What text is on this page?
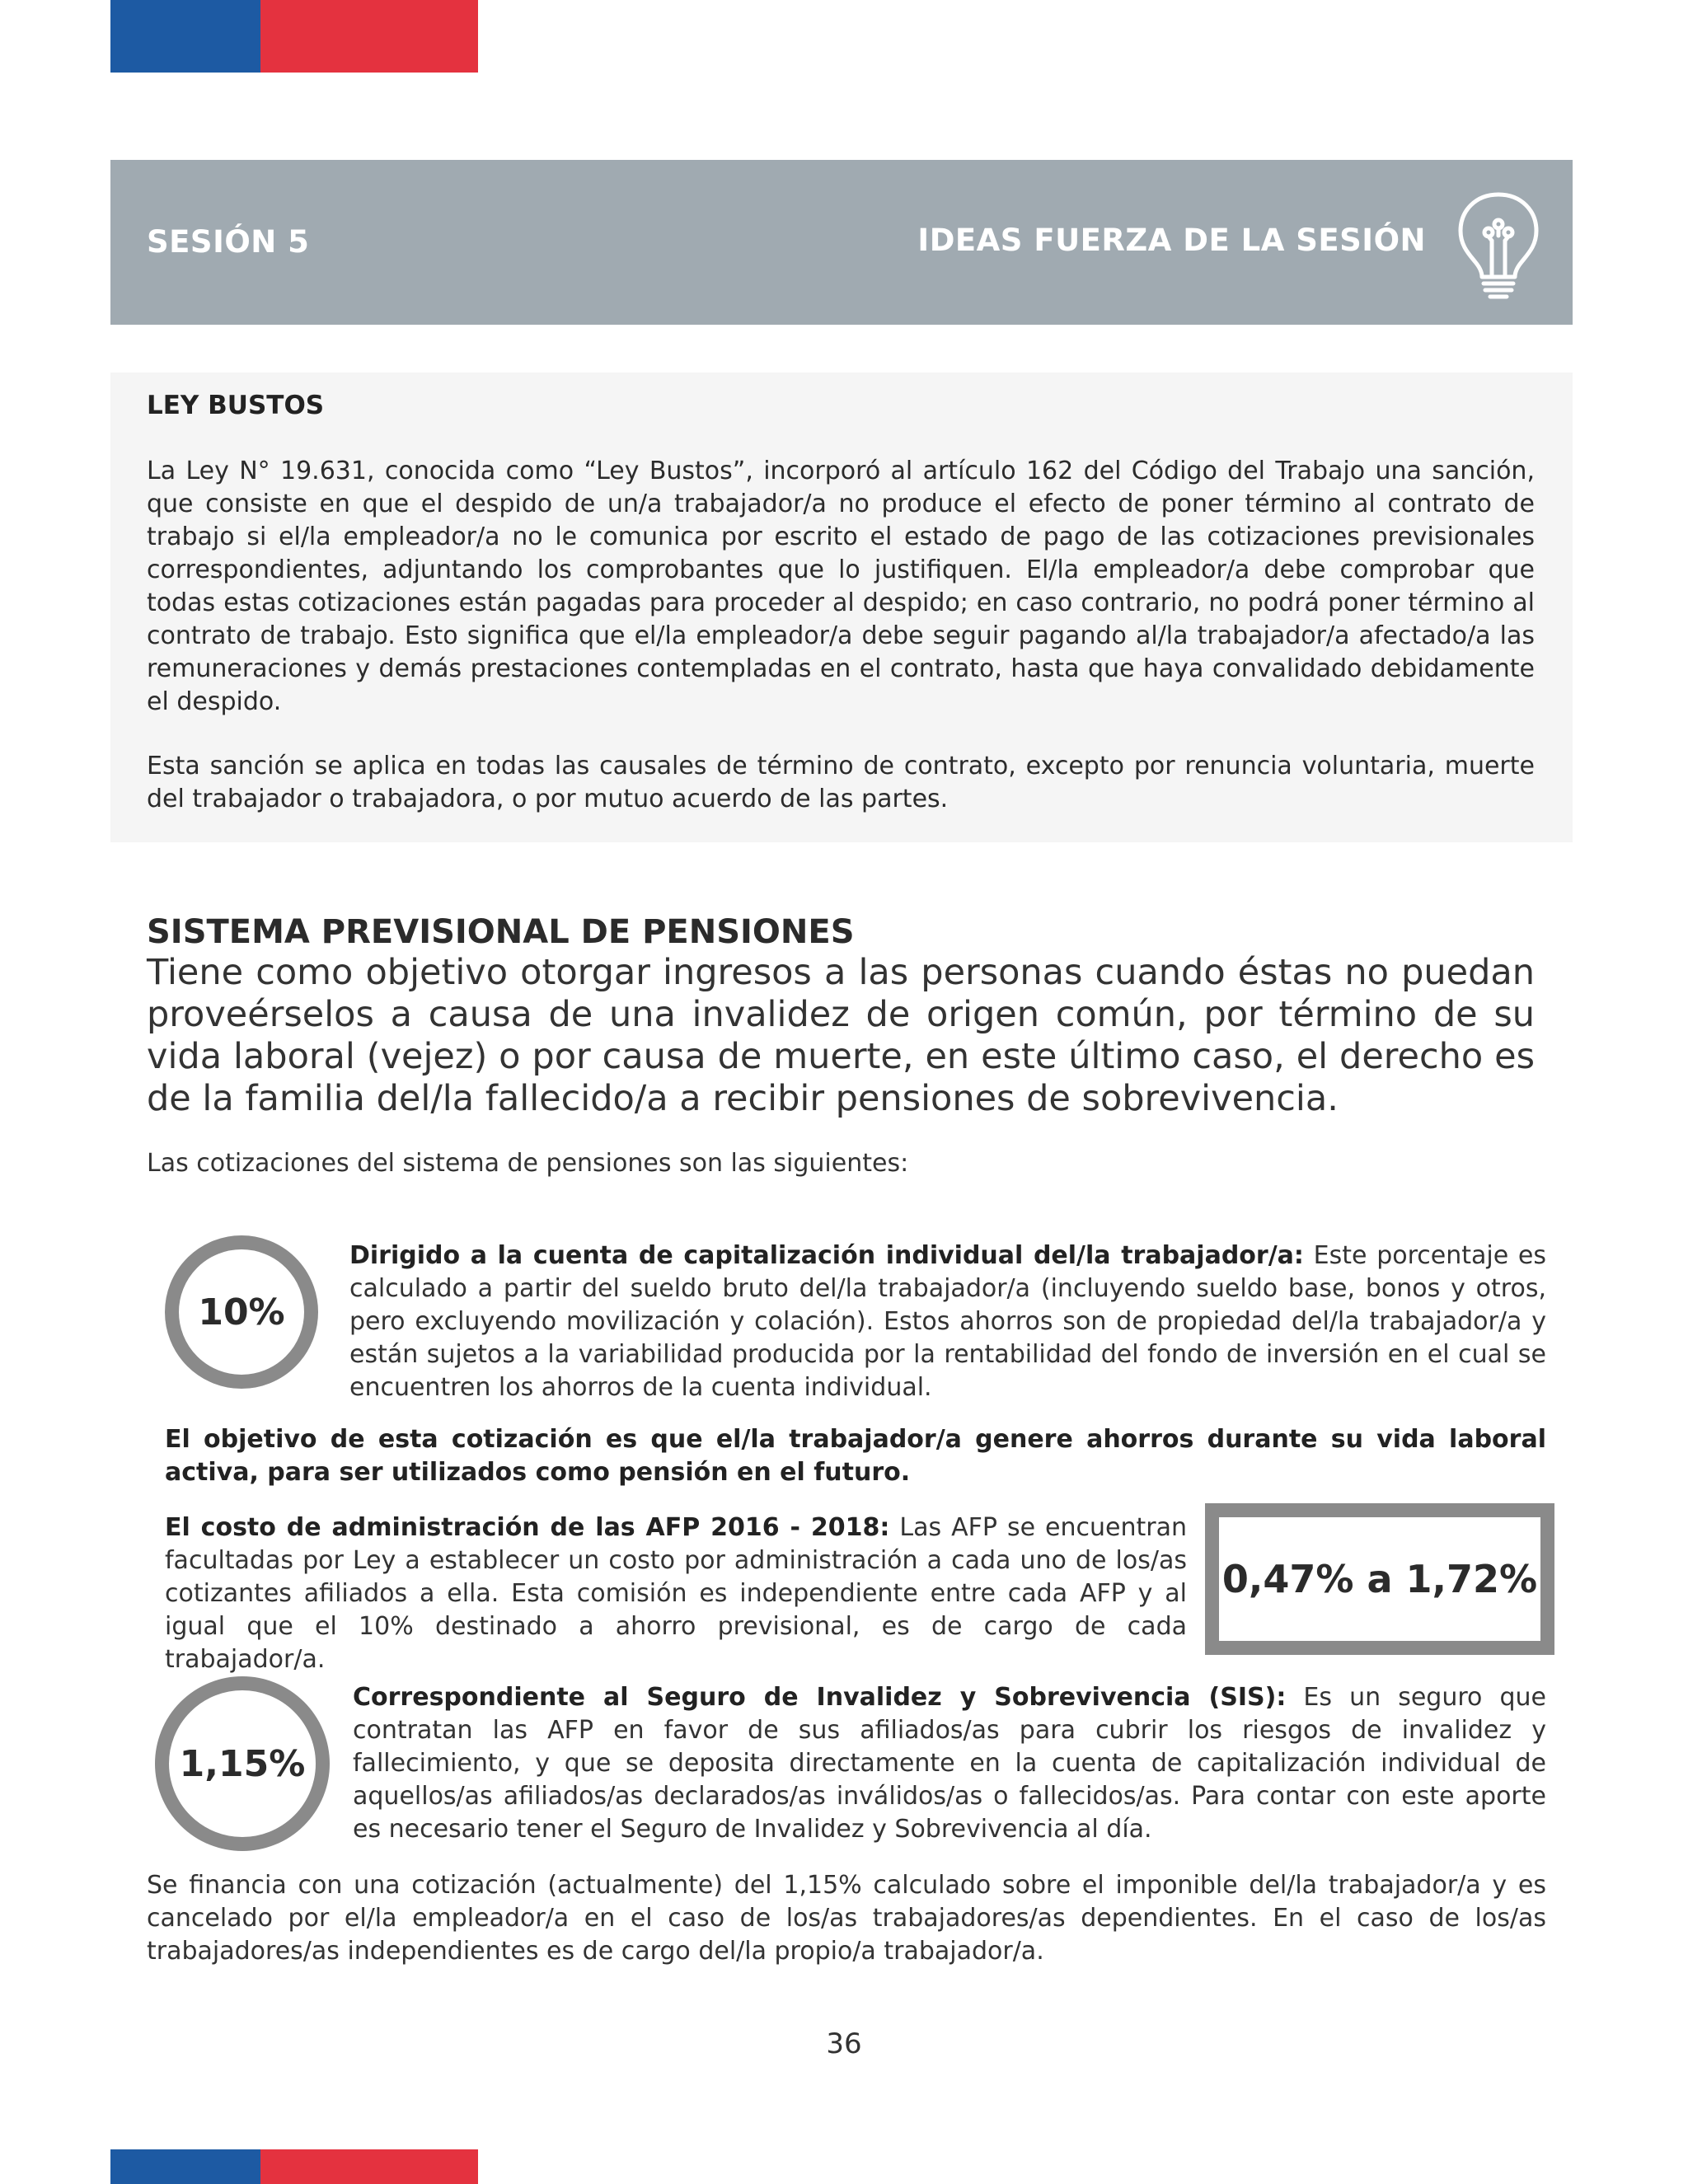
SESIÓN 5	IDEAS FUERZA DE LA SESIÓN
LEY BUSTOS

La Ley N° 19.631, conocida como “Ley Bustos”, incorporó al artículo 162 del Código del Trabajo una sanción, que consiste en que el despido de un/a trabajador/a no produce el efecto de poner término al contrato de trabajo si el/la empleador/a no le comunica por escrito el estado de pago de las cotizaciones previsionales correspondientes, adjuntando los comprobantes que lo justifiquen. El/la empleador/a debe comprobar que todas estas cotizaciones están pagadas para proceder al despido; en caso contrario, no podrá poner término al contrato de trabajo. Esto significa que el/la empleador/a debe seguir pagando al/la trabajador/a afectado/a las remuneraciones y demás prestaciones contempladas en el contrato, hasta que haya convalidado debidamente el despido.

Esta sanción se aplica en todas las causales de término de contrato, excepto por renuncia voluntaria, muerte del trabajador o trabajadora, o por mutuo acuerdo de las partes.

SISTEMA PREVISIONAL DE PENSIONES

Tiene como objetivo otorgar ingresos a las personas cuando éstas no puedan proveérselos a causa de una invalidez de origen común, por término de su vida laboral (vejez) o por causa de muerte, en este último caso, el derecho es de la familia del/la fallecido/a a recibir pensiones de sobrevivencia.

Las cotizaciones del sistema de pensiones son las siguientes:

10%

Dirigido a la cuenta de capitalización individual del/la trabajador/a: Este porcentaje es calculado a partir del sueldo bruto del/la trabajador/a (incluyendo sueldo base, bonos y otros, pero excluyendo movilización y colación). Estos ahorros son de propiedad del/la trabajador/a y están sujetos a la variabilidad producida por la rentabilidad del fondo de inversión en el cual se encuentren los ahorros de la cuenta individual.

El objetivo de esta cotización es que el/la trabajador/a genere ahorros durante su vida laboral activa, para ser utilizados como pensión en el futuro.

El costo de administración de las AFP 2016 - 2018: Las AFP se encuentran facultadas por Ley a establecer un costo por administración a cada uno de los/as cotizantes afiliados a ella. Esta comisión es independiente entre cada AFP y al igual que el 10% destinado a ahorro previsional, es de cargo de cada trabajador/a.

0,47% a 1,72%
1,15%

Correspondiente al Seguro de Invalidez y Sobrevivencia (SIS): Es un seguro que contratan las AFP en favor de sus afiliados/as para cubrir los riesgos de invalidez y fallecimiento, y que se deposita directamente en la cuenta de capitalización individual de aquellos/as afiliados/as declarados/as inválidos/as o fallecidos/as. Para contar con este aporte es necesario tener el Seguro de Invalidez y Sobrevivencia al día.

Se financia con una cotización (actualmente) del 1,15% calculado sobre el imponible del/la trabajador/a y es cancelado por el/la empleador/a en el caso de los/as trabajadores/as dependientes. En el caso de los/as trabajadores/as independientes es de cargo del/la propio/a trabajador/a.

36
